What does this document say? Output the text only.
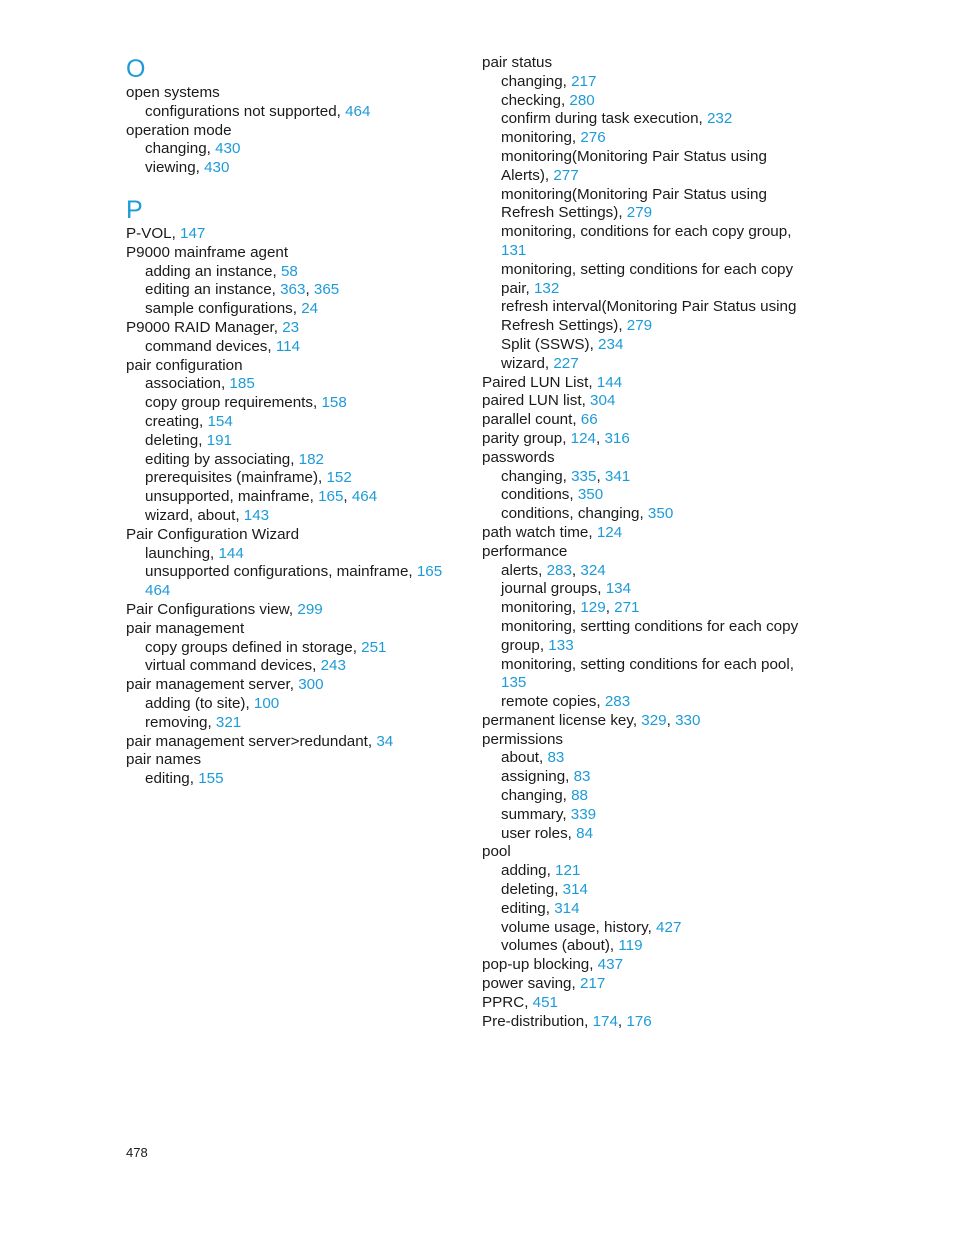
O
open systems
configurations not supported, 464
operation mode
changing, 430
viewing, 430
P
P-VOL, 147
P9000 mainframe agent
adding an instance, 58
editing an instance, 363, 365
sample configurations, 24
P9000 RAID Manager, 23
command devices, 114
pair configuration
association, 185
copy group requirements, 158
creating, 154
deleting, 191
editing by associating, 182
prerequisites (mainframe), 152
unsupported, mainframe, 165, 464
wizard, about, 143
Pair Configuration Wizard
launching, 144
unsupported configurations, mainframe, 165
464
Pair Configurations view, 299
pair management
copy groups defined in storage, 251
virtual command devices, 243
pair management server, 300
adding (to site), 100
removing, 321
pair management server>redundant, 34
pair names
editing, 155
pair status
changing, 217
checking, 280
confirm during task execution, 232
monitoring, 276
monitoring(Monitoring Pair Status using
Alerts), 277
monitoring(Monitoring Pair Status using
Refresh Settings), 279
monitoring, conditions for each copy group,
131
monitoring, setting conditions for each copy
pair, 132
refresh interval(Monitoring Pair Status using
Refresh Settings), 279
Split (SSWS), 234
wizard, 227
Paired LUN List, 144
paired LUN list, 304
parallel count, 66
parity group, 124, 316
passwords
changing, 335, 341
conditions, 350
conditions, changing, 350
path watch time, 124
performance
alerts, 283, 324
journal groups, 134
monitoring, 129, 271
monitoring, sertting conditions for each copy
group, 133
monitoring, setting conditions for each pool,
135
remote copies, 283
permanent license key, 329, 330
permissions
about, 83
assigning, 83
changing, 88
summary, 339
user roles, 84
pool
adding, 121
deleting, 314
editing, 314
volume usage, history, 427
volumes (about), 119
pop-up blocking, 437
power saving, 217
PPRC, 451
Pre-distribution, 174, 176
478
